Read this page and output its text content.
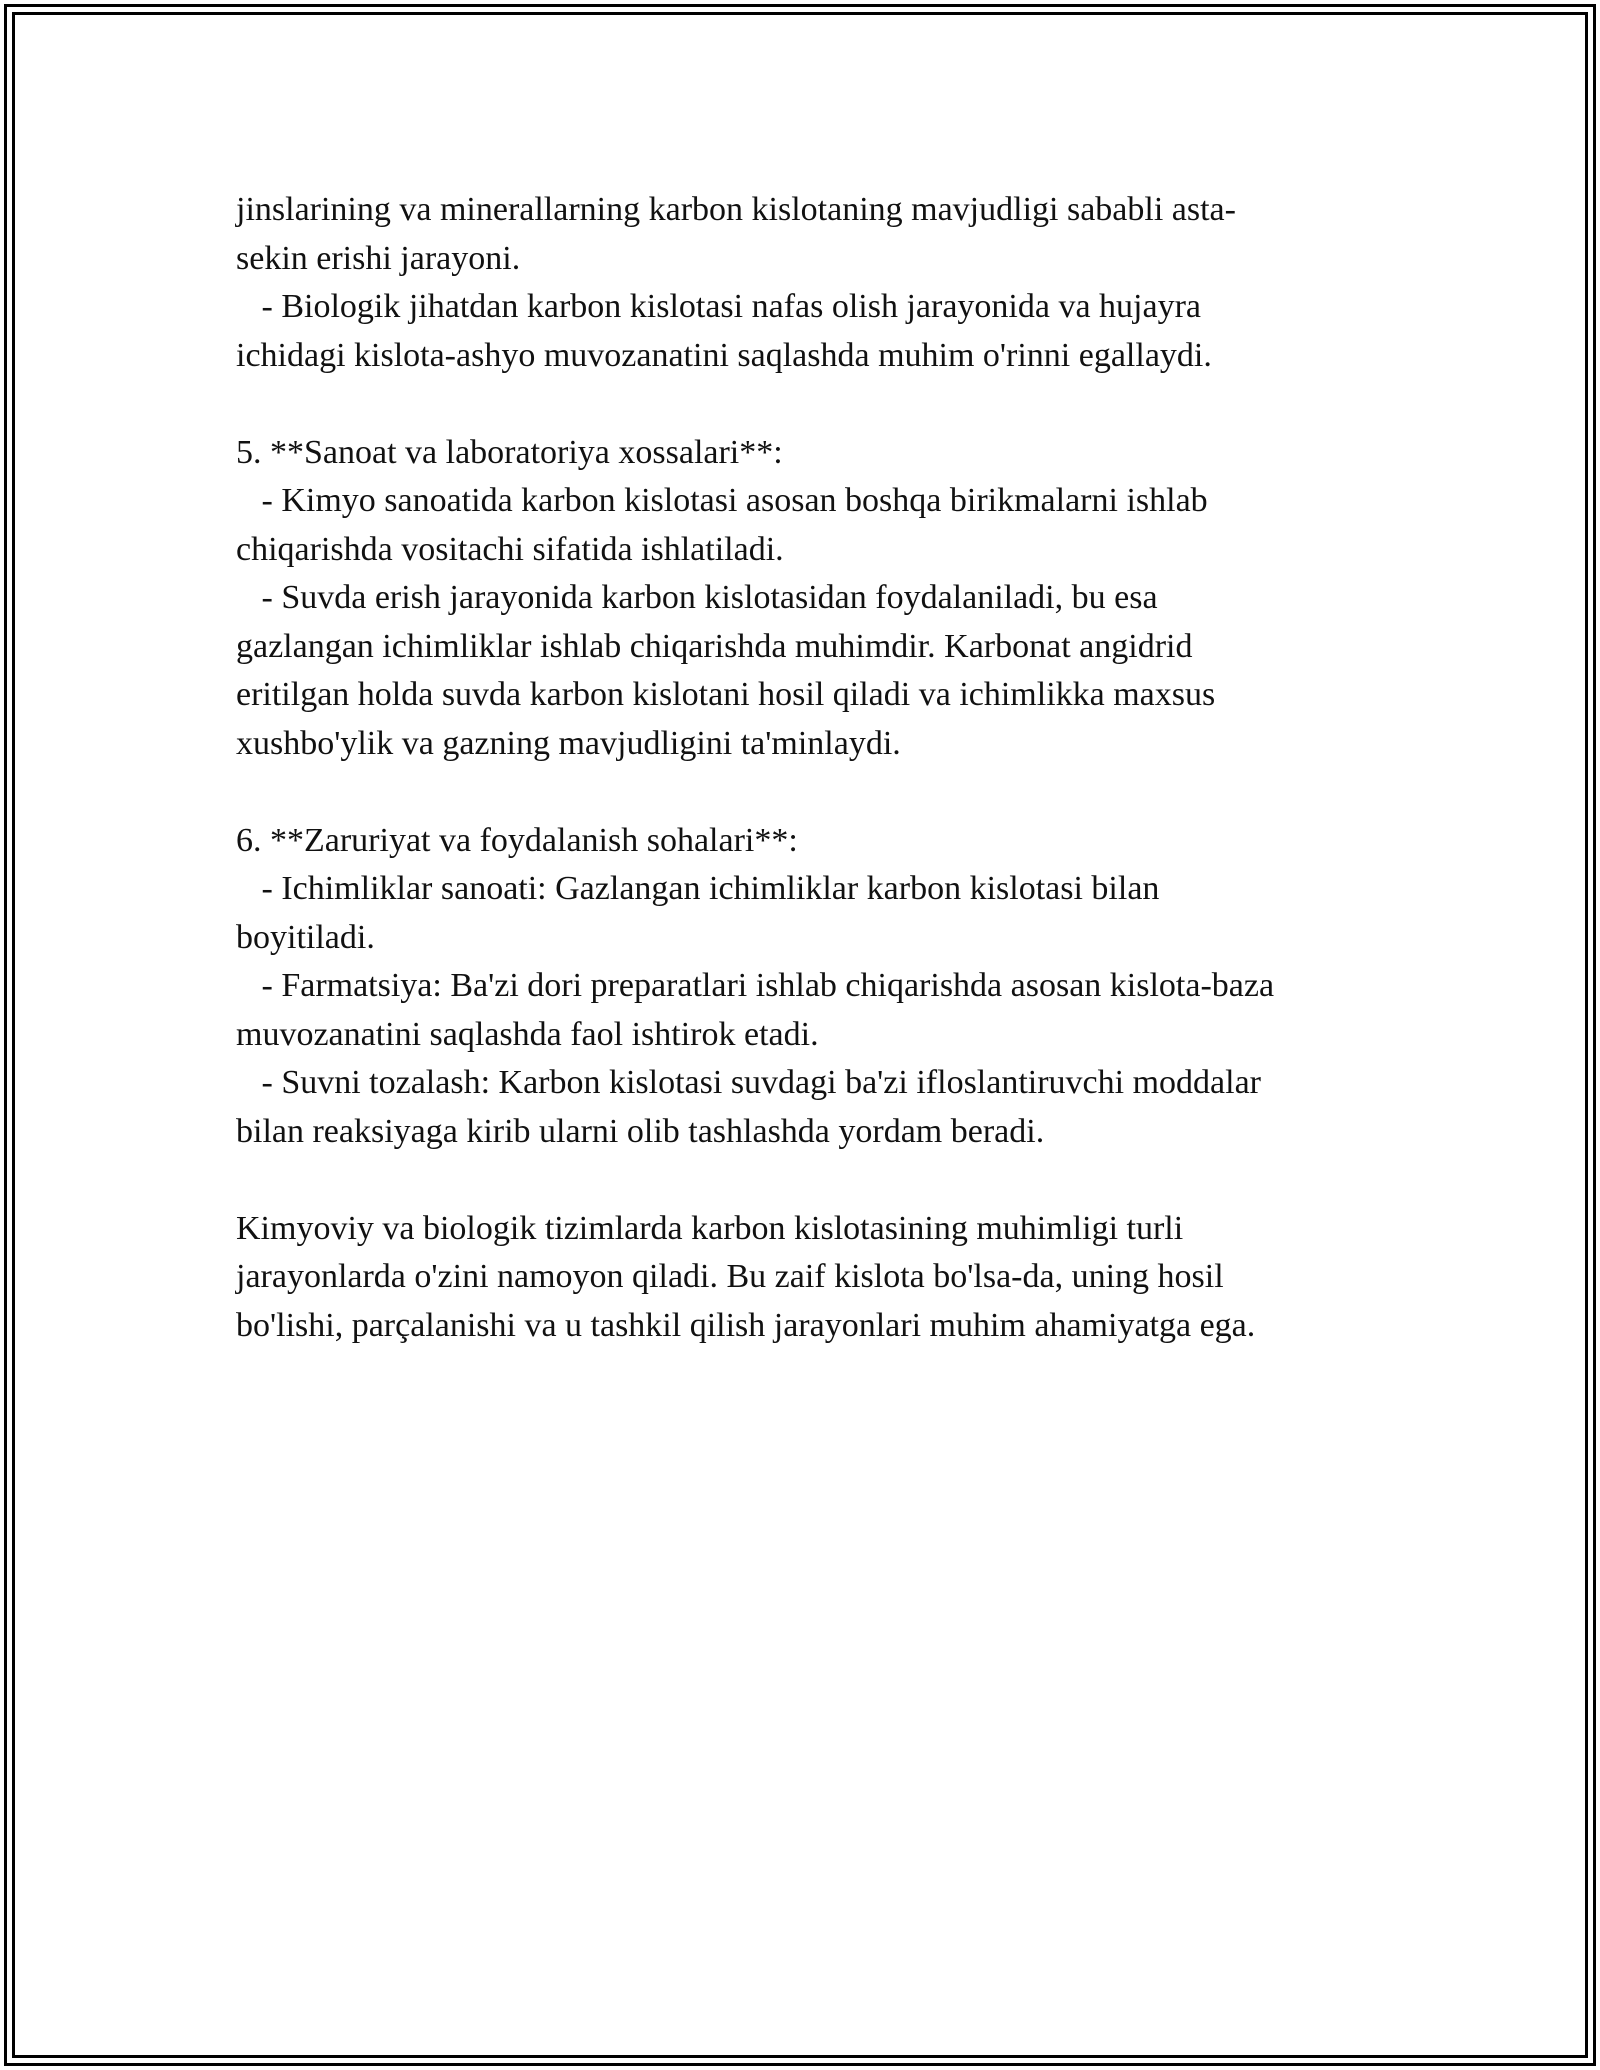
jinslarining va minerallarning karbon kislotaning mavjudligi sababli asta-
sekin erishi jarayoni.
- Biologik jihatdan karbon kislotasi nafas olish jarayonida va hujayra
ichidagi kislota-ashyo muvozanatini saqlashda muhim o'rinni egallaydi.
5. **Sanoat va laboratoriya xossalari**:
- Kimyo sanoatida karbon kislotasi asosan boshqa birikmalarni ishlab
chiqarishda vositachi sifatida ishlatiladi.
- Suvda erish jarayonida karbon kislotasidan foydalaniladi, bu esa
gazlangan ichimliklar ishlab chiqarishda muhimdir. Karbonat angidrid
eritilgan holda suvda karbon kislotani hosil qiladi va ichimlikka maxsus
xushbo'ylik va gazning mavjudligini ta'minlaydi.
6. **Zaruriyat va foydalanish sohalari**:
- Ichimliklar sanoati: Gazlangan ichimliklar karbon kislotasi bilan
boyitiladi.
- Farmatsiya: Ba'zi dori preparatlari ishlab chiqarishda asosan kislota-baza
muvozanatini saqlashda faol ishtirok etadi.
- Suvni tozalash: Karbon kislotasi suvdagi ba'zi ifloslantiruvchi moddalar
bilan reaksiyaga kirib ularni olib tashlashda yordam beradi.
Kimyoviy va biologik tizimlarda karbon kislotasining muhimligi turli
jarayonlarda o'zini namoyon qiladi. Bu zaif kislota bo'lsa-da, uning hosil
bo'lishi, parçalanishi va u tashkil qilish jarayonlari muhim ahamiyatga ega.
